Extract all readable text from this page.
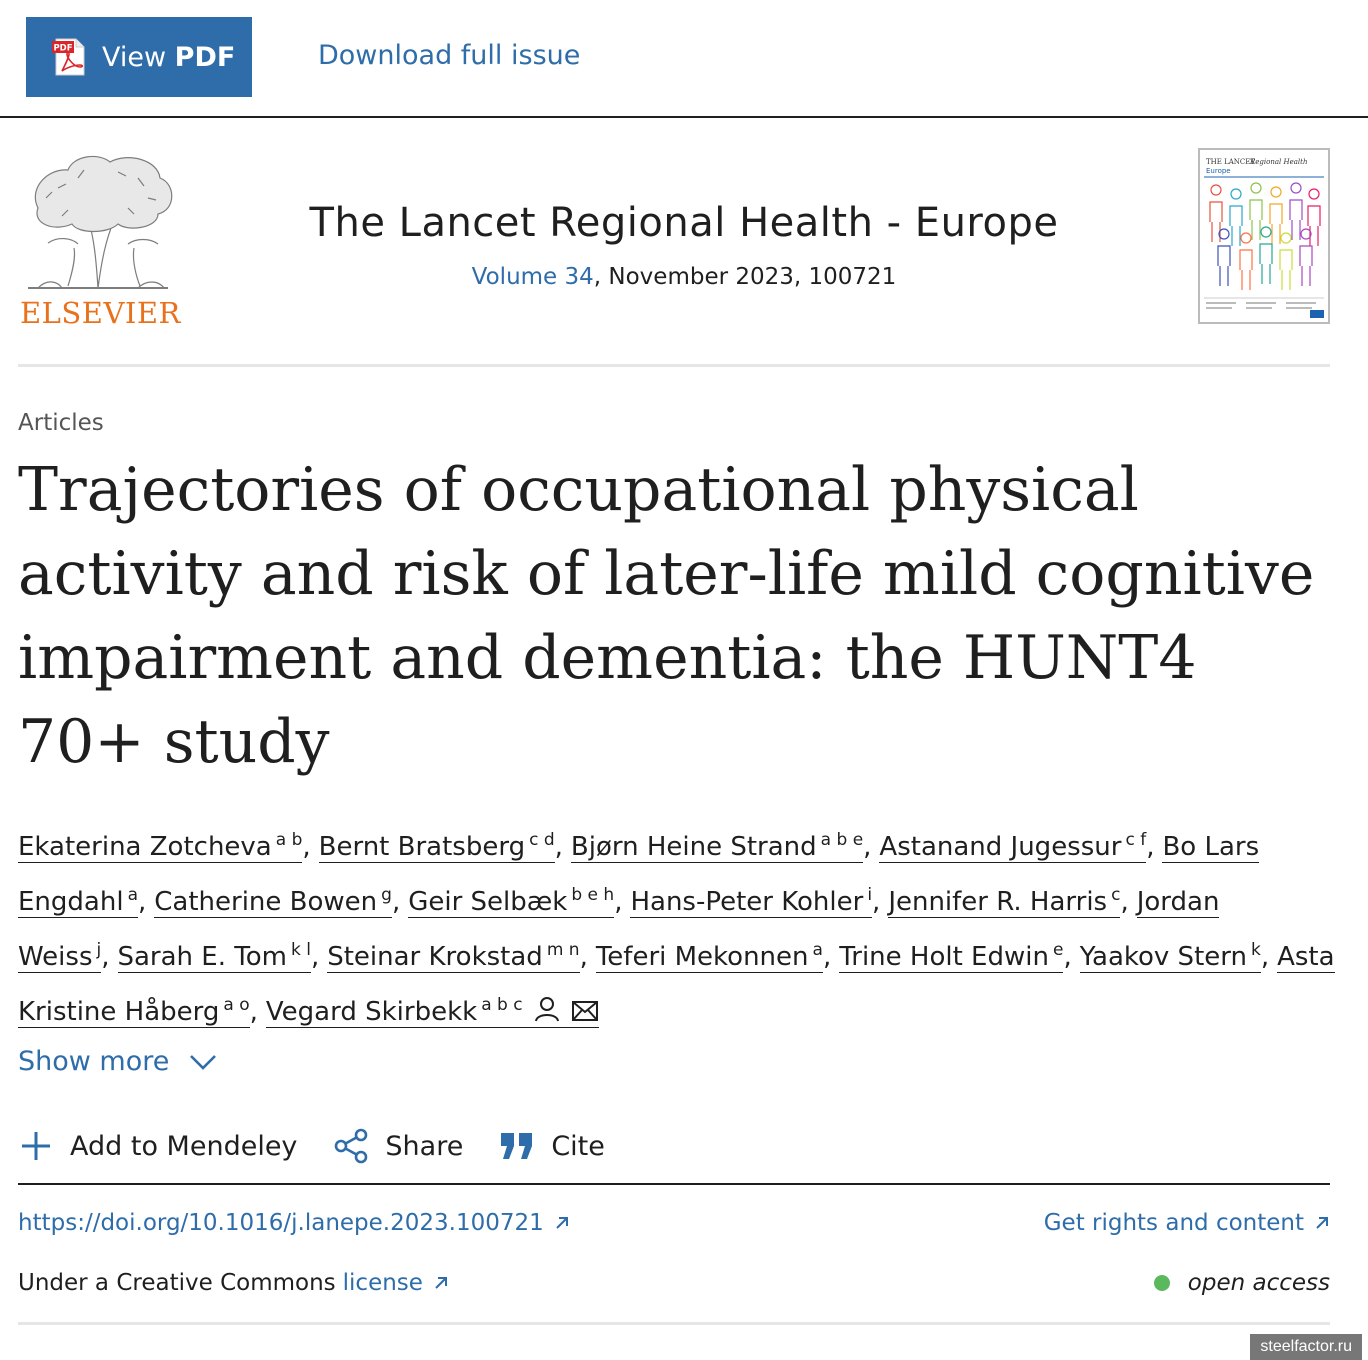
PDF View PDF	Download full issue
ELSEVIER
The Lancet Regional Health - Europe
Volume 34, November 2023, 100721
THE LANCET
Regional Health
Europe
Articles
Trajectories of occupational physical activity and risk of later-life mild cognitive impairment and dementia: the HUNT4 70+ study
Ekaterina Zotcheva $^{a b}$, Bernt Bratsberg $^{c d}$, Bjørn Heine Strand $^{a b e}$, Astanand Jugessur $^{c f}$, Bo Lars Engdahl $^a$, Catherine Bowen $^g$, Geir Selbæk $^{b e h}$, Hans-Peter Kohler $^i$, Jennifer R. Harris $^c$, Jordan Weiss $^j$, Sarah E. Tom $^{k l}$, Steinar Krokstad $^{m n}$, Teferi Mekonnen $^a$, Trine Holt Edwin $^e$, Yaakov Stern $^k$, Asta Kristine Håberg $^{a o}$, Vegard Skirbekk $^{a b c}$
Show more
Add to Mendeley	Share	Cite
https://doi.org/10.1016/j.lanepe.2023.100721	Get rights and content
Under a Creative Commons license	open access
steelfactor.ru
